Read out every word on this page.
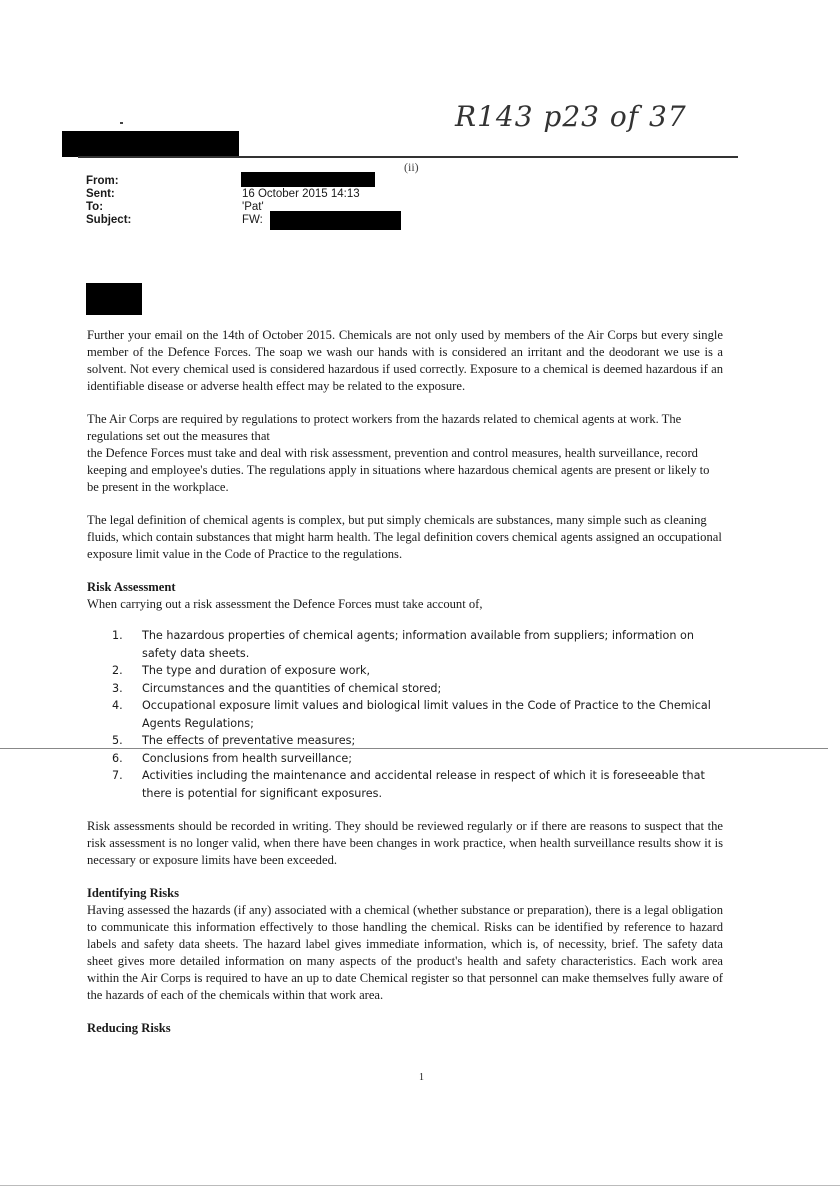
R143 p23 of 37
(ii)
From:
Sent:	16 October 2015 14:13
To:	'Pat'
Subject:	FW:

Further your email on the 14th of October 2015. Chemicals are not only used by members of the Air Corps but every single member of the Defence Forces. The soap we wash our hands with is considered an irritant and the deodorant we use is a solvent. Not every chemical used is considered hazardous if used correctly. Exposure to a chemical is deemed hazardous if an identifiable disease or adverse health effect may be related to the exposure.

The Air Corps are required by regulations to protect workers from the hazards related to chemical agents at work. The regulations set out the measures that

the Defence Forces must take and deal with risk assessment, prevention and control measures, health surveillance, record keeping and employee's duties. The regulations apply in situations where hazardous chemical agents are present or likely to be present in the workplace.

The legal definition of chemical agents is complex, but put simply chemicals are substances, many simple such as cleaning fluids, which contain substances that might harm health. The legal definition covers chemical agents assigned an occupational exposure limit value in the Code of Practice to the regulations.

Risk Assessment

When carrying out a risk assessment the Defence Forces must take account of,

1. The hazardous properties of chemical agents; information available from suppliers; information on safety data sheets.
2. The type and duration of exposure work,
3. Circumstances and the quantities of chemical stored;
4. Occupational exposure limit values and biological limit values in the Code of Practice to the Chemical Agents Regulations;
5. The effects of preventative measures;
6. Conclusions from health surveillance;
7. Activities including the maintenance and accidental release in respect of which it is foreseeable that there is potential for significant exposures.

Risk assessments should be recorded in writing. They should be reviewed regularly or if there are reasons to suspect that the risk assessment is no longer valid, when there have been changes in work practice, when health surveillance results show it is necessary or exposure limits have been exceeded.

Identifying Risks

Having assessed the hazards (if any) associated with a chemical (whether substance or preparation), there is a legal obligation to communicate this information effectively to those handling the chemical. Risks can be identified by reference to hazard labels and safety data sheets. The hazard label gives immediate information, which is, of necessity, brief. The safety data sheet gives more detailed information on many aspects of the product's health and safety characteristics. Each work area within the Air Corps is required to have an up to date Chemical register so that personnel can make themselves fully aware of the hazards of each of the chemicals within that work area.

Reducing Risks

1
